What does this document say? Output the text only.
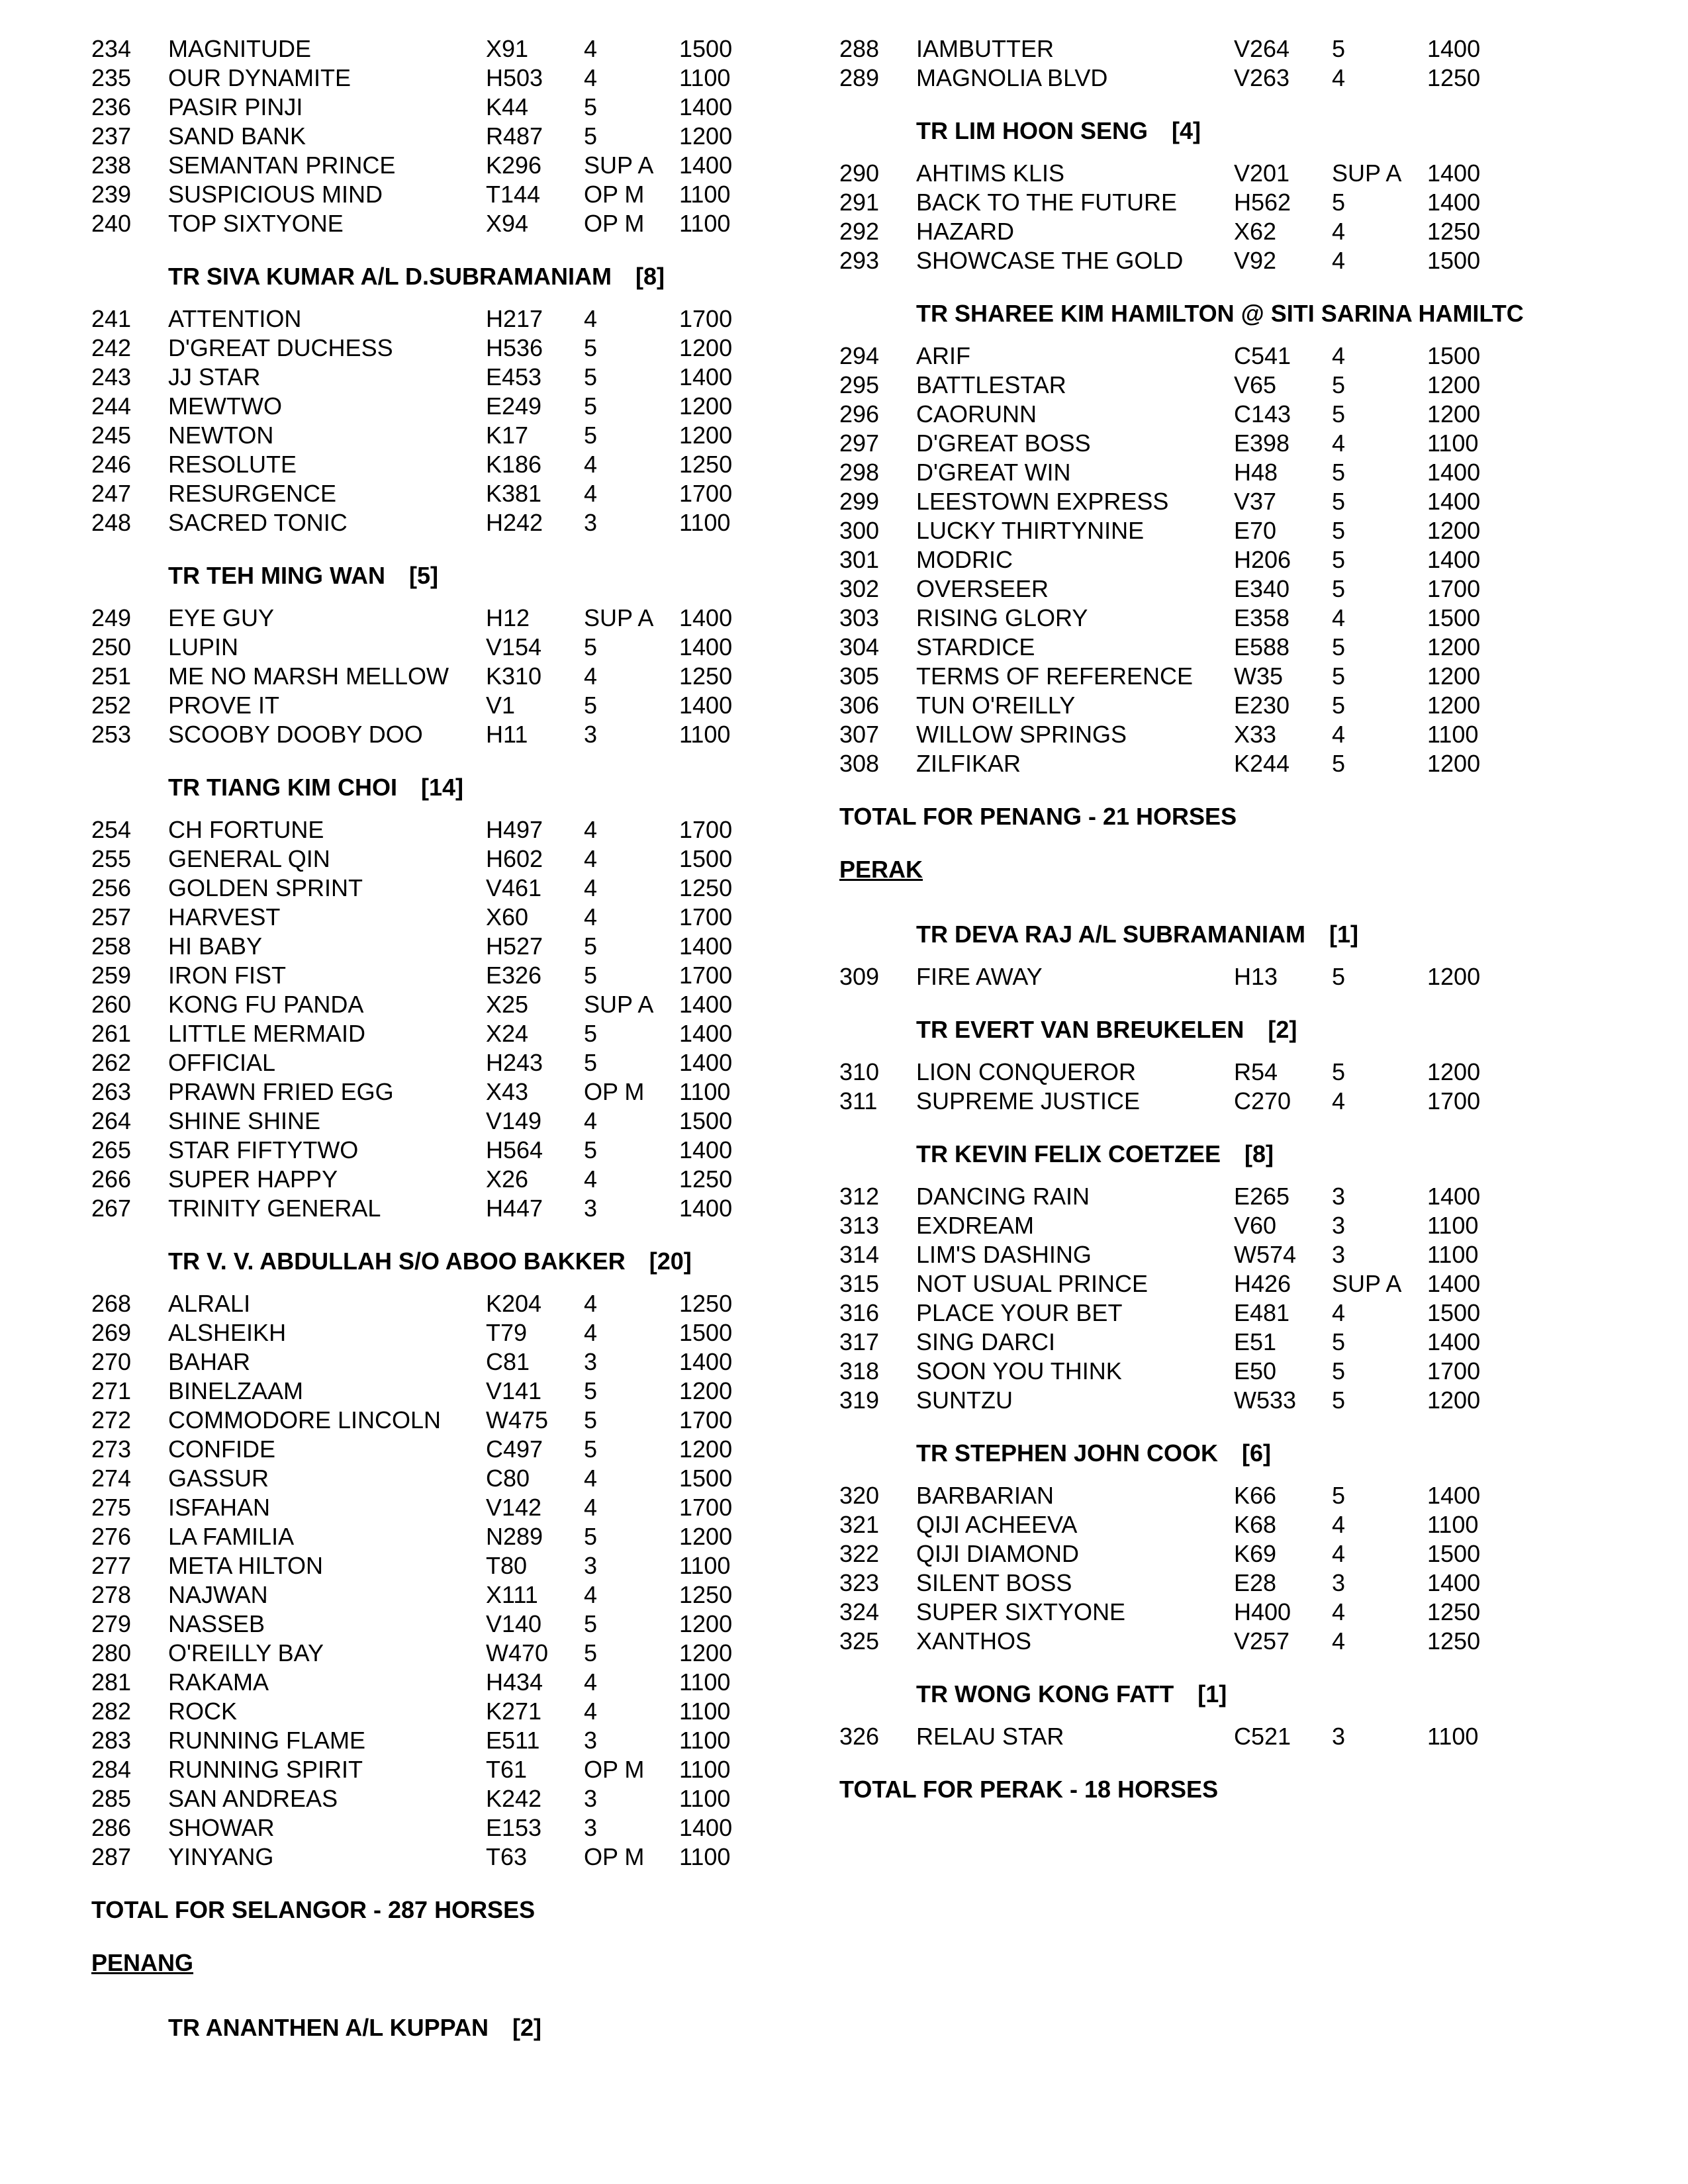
234 MAGNITUDE	X91 4	1500
235 OUR DYNAMITE	H503 4	1100
236 PASIR PINJI	K44 5	1400
237 SAND BANK	R487 5	1200
238 SEMANTAN PRINCE	K296 SUP A 1400
239 SUSPICIOUS MIND	T144 OP M 1100
240 TOP SIXTYONE	X94 OP M 1100
TR SIVA KUMAR A/L D.SUBRAMANIAM [8]
241 ATTENTION	H217 4	1700
242 D'GREAT DUCHESS	H536 5	1200
243 JJ STAR	E453 5	1400
244 MEWTWO	E249 5	1200
245 NEWTON	K17 5	1200
246 RESOLUTE	K186 4	1250
247 RESURGENCE	K381 4	1700
248 SACRED TONIC	H242 3	1100
TR TEH MING WAN [5]
249 EYE GUY	H12 SUP A 1400
250 LUPIN	V154 5	1400
251 ME NO MARSH MELLOW K310 4	1250
252 PROVE IT	V1	5	1400
253 SCOOBY DOOBY DOO	H11 3	1100
TR TIANG KIM CHOI [14]
254 CH FORTUNE	H497 4	1700
255 GENERAL QIN	H602 4	1500
256 GOLDEN SPRINT	V461 4	1250
257 HARVEST	X60 4	1700
258 HI BABY	H527 5	1400
259 IRON FIST	E326 5	1700
260 KONG FU PANDA	X25 SUP A 1400
261 LITTLE MERMAID	X24 5	1400
262 OFFICIAL	H243 5	1400
263 PRAWN FRIED EGG	X43 OP M 1100
264 SHINE SHINE	V149 4	1500
265 STAR FIFTYTWO	H564 5	1400
266 SUPER HAPPY	X26 4	1250
267 TRINITY GENERAL	H447 3	1400
TR V. V. ABDULLAH S/O ABOO BAKKER [20]
268 ALRALI	K204 4	1250
269 ALSHEIKH	T79 4	1500
270 BAHAR	C81 3	1400
271 BINELZAAM	V141 5	1200
272 COMMODORE LINCOLN W475 5	1700
273 CONFIDE	C497 5	1200
274 GASSUR	C80 4	1500
275 ISFAHAN	V142 4	1700
276 LA FAMILIA	N289 5	1200
277 META HILTON	T80 3	1100
278 NAJWAN	X111 4	1250
279 NASSEB	V140 5	1200
280 O'REILLY BAY	W470 5	1200
281 RAKAMA	H434 4	1100
282 ROCK	K271 4	1100
283 RUNNING FLAME	E511 3	1100
284 RUNNING SPIRIT	T61 OP M 1100
285 SAN ANDREAS	K242 3	1100
286 SHOWAR	E153 3	1400
287 YINYANG	T63 OP M 1100
TOTAL FOR SELANGOR - 287 HORSES
PENANG
TR ANANTHEN A/L KUPPAN [2]
288 IAMBUTTER	V264 5	1400
289 MAGNOLIA BLVD	V263 4	1250
TR LIM HOON SENG [4]
290 AHTIMS KLIS	V201 SUP A 1400
291 BACK TO THE FUTURE H562 5	1400
292 HAZARD	X62 4	1250
293 SHOWCASE THE GOLD V92 4	1500
TR SHAREE KIM HAMILTON @ SITI SARINA HAMILTC
294 ARIF	C541 4	1500
295 BATTLESTAR	V65 5	1200
296 CAORUNN	C143 5	1200
297 D'GREAT BOSS	E398 4	1100
298 D'GREAT WIN	H48 5	1400
299 LEESTOWN EXPRESS	V37 5	1400
300 LUCKY THIRTYNINE	E70 5	1200
301 MODRIC	H206 5	1400
302 OVERSEER	E340 5	1700
303 RISING GLORY	E358 4	1500
304 STARDICE	E588 5	1200
305 TERMS OF REFERENCE W35 5	1200
306 TUN O'REILLY	E230 5	1200
307 WILLOW SPRINGS	X33 4	1100
308 ZILFIKAR	K244 5	1200
TOTAL FOR PENANG - 21 HORSES
PERAK
TR DEVA RAJ A/L SUBRAMANIAM [1]
309 FIRE AWAY	H13 5	1200
TR EVERT VAN BREUKELEN [2]
310 LION CONQUEROR	R54 5	1200
311 SUPREME JUSTICE	C270 4	1700
TR KEVIN FELIX COETZEE [8]
312 DANCING RAIN	E265 3	1400
313 EXDREAM	V60 3	1100
314 LIM'S DASHING	W574 3	1100
315 NOT USUAL PRINCE	H426 SUP A 1400
316 PLACE YOUR BET	E481 4	1500
317 SING DARCI	E51 5	1400
318 SOON YOU THINK	E50 5	1700
319 SUNTZU	W533 5	1200
TR STEPHEN JOHN COOK [6]
320 BARBARIAN	K66 5	1400
321 QIJI ACHEEVA	K68 4	1100
322 QIJI DIAMOND	K69 4	1500
323 SILENT BOSS	E28 3	1400
324 SUPER SIXTYONE	H400 4	1250
325 XANTHOS	V257 4	1250
TR WONG KONG FATT [1]
326 RELAU STAR	C521 3	1100
TOTAL FOR PERAK - 18 HORSES
